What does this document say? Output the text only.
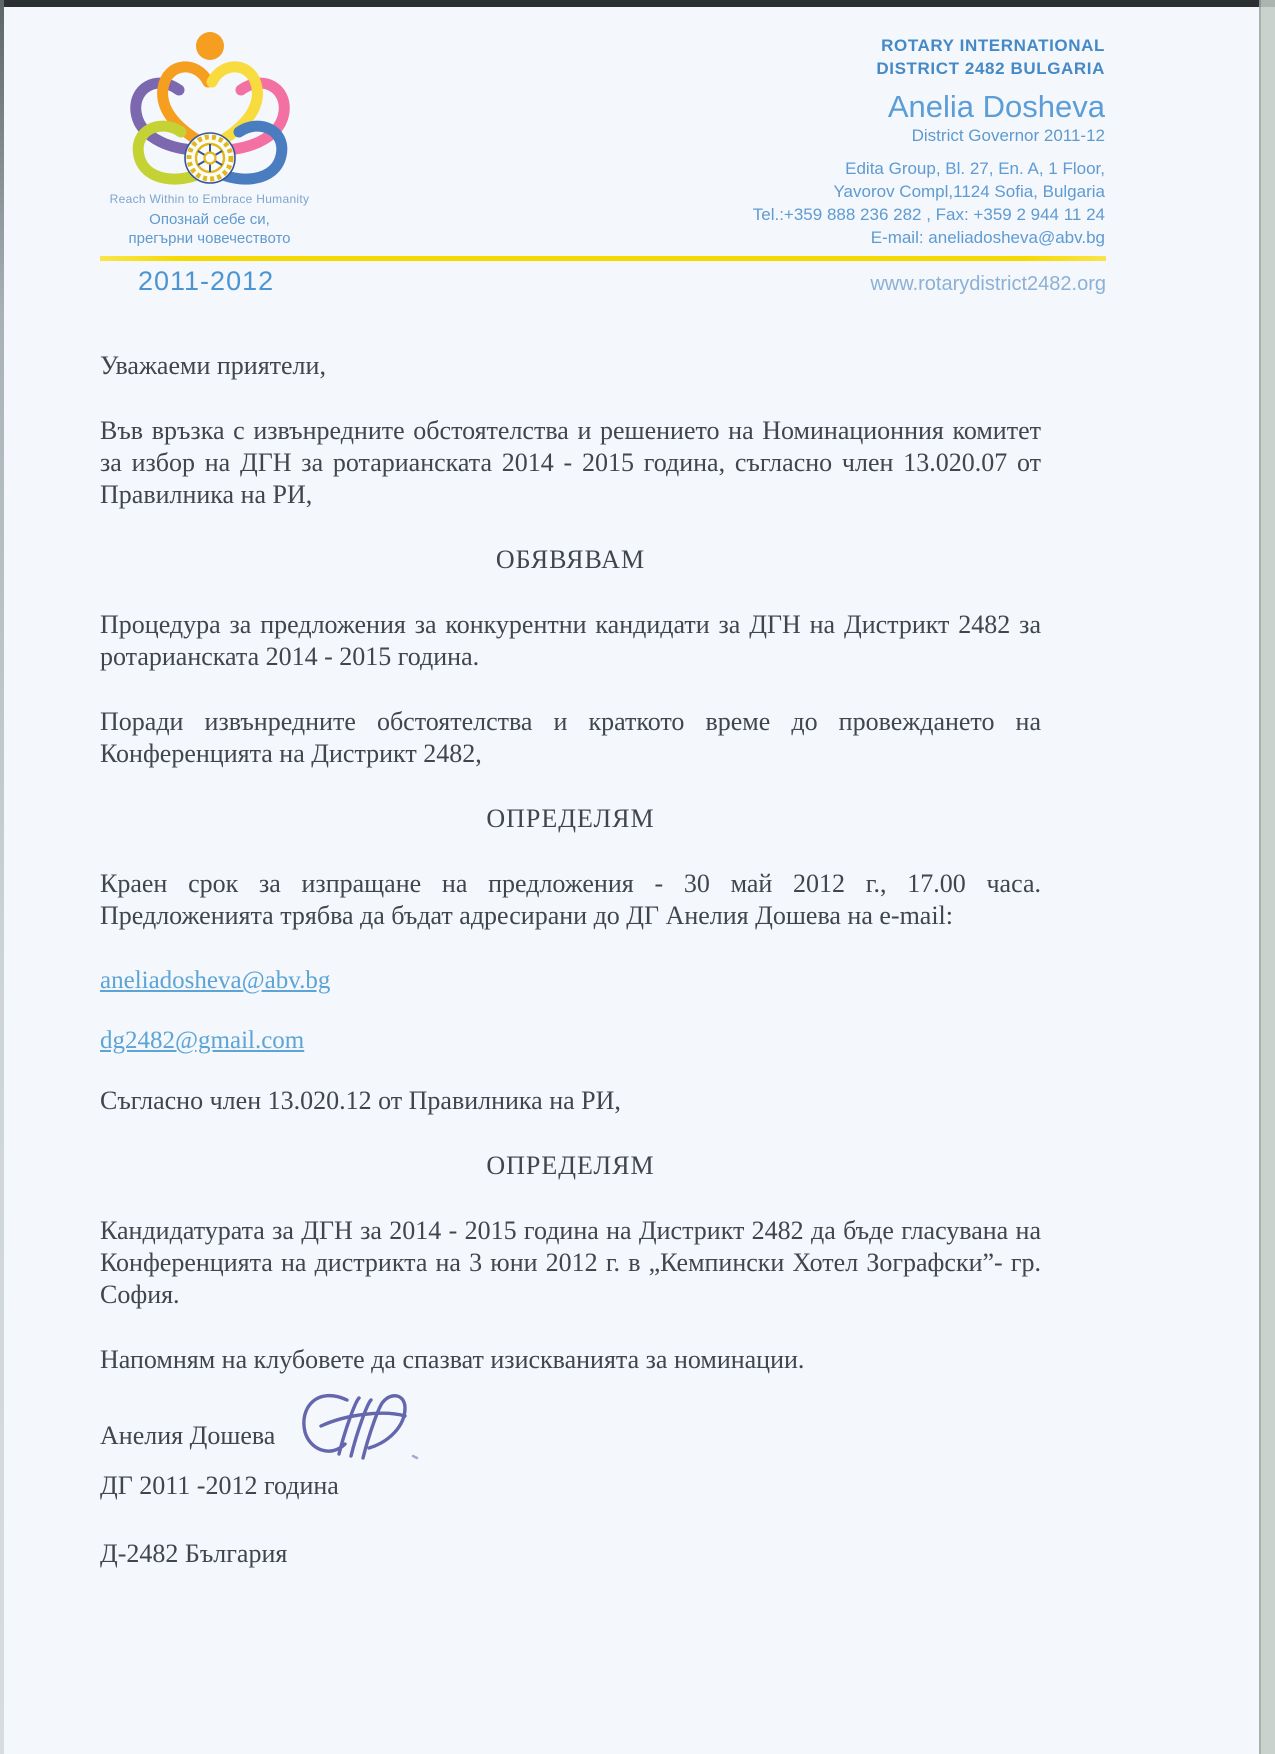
Reach Within to Embrace Humanity
Опознай себе си,
прегърни човечеството
ROTARY INTERNATIONAL
DISTRICT 2482 BULGARIA
Anelia Dosheva
District Governor 2011-12
Edita Group, Bl. 27, En. A, 1 Floor,
Yavorov Compl,1124 Sofia, Bulgaria
Tel.:+359 888 236 282 , Fax: +359 2 944 11 24
E-mail: aneliadosheva@abv.bg
2011-2012	www.rotarydistrict2482.org

Уважаеми приятели,

Във връзка с извънредните обстоятелства и решението на Номинационния комитет за избор на ДГН за ротарианската 2014 - 2015 година, съгласно член 13.020.07 от Правилника на РИ,

ОБЯВЯВАМ

Процедура за предложения за конкурентни кандидати за ДГН на Дистрикт 2482 за ротарианската 2014 - 2015 година.

Поради извънредните обстоятелства и краткото време до провеждането на Конференцията на Дистрикт 2482,

ОПРЕДЕЛЯМ

Краен срок за изпращане на предложения - 30 май 2012 г., 17.00 часа. Предложенията трябва да бъдат адресирани до ДГ Анелия Дошева на e-mail:

aneliadosheva@abv.bg
dg2482@gmail.com

Съгласно член 13.020.12 от Правилника на РИ,

ОПРЕДЕЛЯМ

Кандидатурата за ДГН за 2014 - 2015 година на Дистрикт 2482 да бъде гласувана на Конференцията на дистрикта на 3 юни 2012 г. в „Кемпински Хотел Зографски”- гр. София.

Напомням на клубовете да спазват изискванията за номинации.

Анелия Дошева

ДГ 2011 -2012 година

Д-2482 България
